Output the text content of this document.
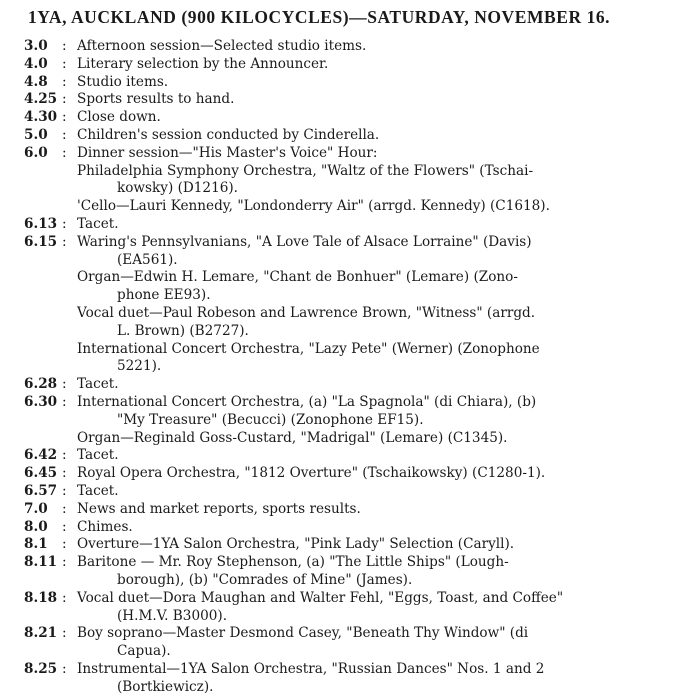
1YA, AUCKLAND (900 KILOCYCLES)—SATURDAY, NOVEMBER 16.
3.0	: Afternoon session—Selected studio items.
4.0	: Literary selection by the Announcer.
4.8	: Studio items.
4.25 : Sports results to hand.
4.30 : Close down.
5.0	: Children's session conducted by Cinderella.
6.0	: Dinner session—"His Master's Voice" Hour:
Philadelphia Symphony Orchestra, "Waltz of the Flowers" (Tschai-
kowsky) (D1216).
'Cello—Lauri Kennedy, "Londonderry Air" (arrgd. Kennedy) (C1618).
6.13 : Tacet.
6.15 : Waring's Pennsylvanians, "A Love Tale of Alsace Lorraine" (Davis)
(EA561).
Organ—Edwin H. Lemare, "Chant de Bonhuer" (Lemare) (Zono-
phone EE93).
Vocal duet—Paul Robeson and Lawrence Brown, "Witness" (arrgd.
L. Brown) (B2727).
International Concert Orchestra, "Lazy Pete" (Werner) (Zonophone
5221).
6.28 : Tacet.
6.30 : International Concert Orchestra, (a) "La Spagnola" (di Chiara), (b)
"My Treasure" (Becucci) (Zonophone EF15).
Organ—Reginald Goss-Custard, "Madrigal" (Lemare) (C1345).
6.42 : Tacet.
6.45 : Royal Opera Orchestra, "1812 Overture" (Tschaikowsky) (C1280-1).
6.57 : Tacet.
7.0	: News and market reports, sports results.
8.0	: Chimes.
8.1	: Overture—1YA Salon Orchestra, "Pink Lady" Selection (Caryll).
8.11 : Baritone — Mr. Roy Stephenson, (a) "The Little Ships" (Lough-
borough), (b) "Comrades of Mine" (James).
8.18 : Vocal duet—Dora Maughan and Walter Fehl, "Eggs, Toast, and Coffee"
(H.M.V. B3000).
8.21 : Boy soprano—Master Desmond Casey, "Beneath Thy Window" (di
Capua).
8.25 : Instrumental—1YA Salon Orchestra, "Russian Dances" Nos. 1 and 2
(Bortkiewicz).
